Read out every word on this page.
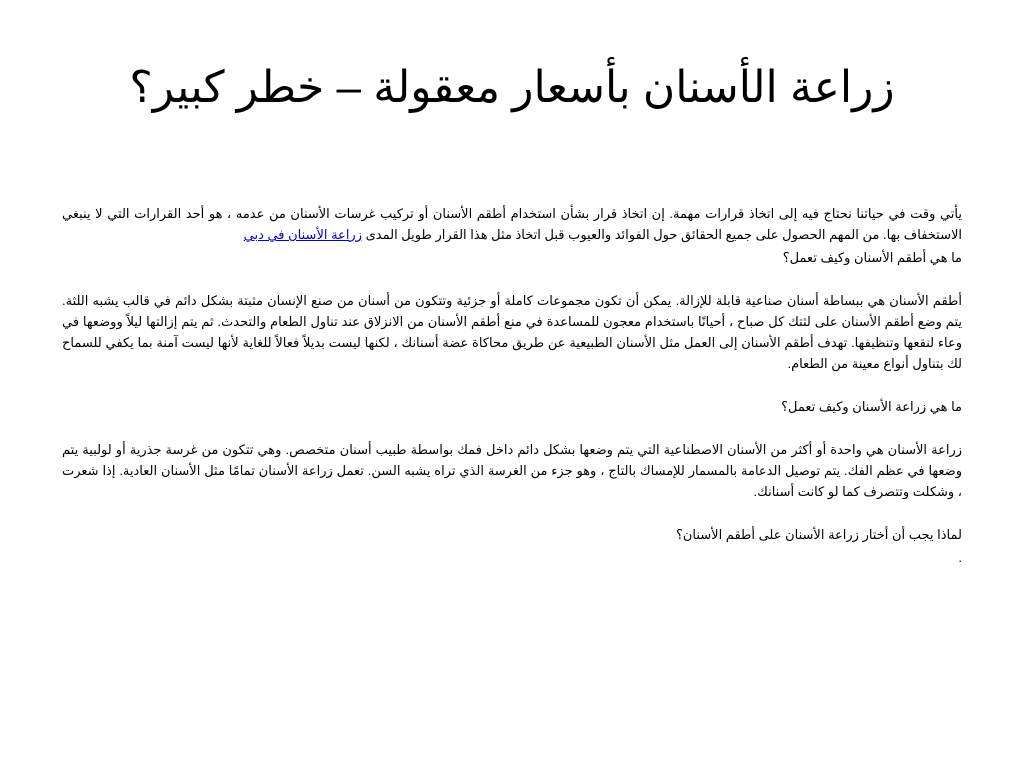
زراعة الأسنان بأسعار معقولة – خطر كبير؟

يأتي وقت في حياتنا نحتاج فيه إلى اتخاذ قرارات مهمة. إن اتخاذ قرار بشأن استخدام أطقم الأسنان أو تركيب غرسات الأسنان من عدمه ، هو أحد القرارات التي لا ينبغي الاستخفاف بها. من المهم الحصول على جميع الحقائق حول الفوائد والعيوب قبل اتخاذ مثل هذا القرار طويل المدى زراعة الأسنان في دبي

ما هي أطقم الأسنان وكيف تعمل؟

أطقم الأسنان هي ببساطة أسنان صناعية قابلة للإزالة. يمكن أن تكون مجموعات كاملة أو جزئية وتتكون من أسنان من صنع الإنسان مثبتة بشكل دائم في قالب يشبه اللثة. يتم وضع أطقم الأسنان على لثتك كل صباح ، أحيانًا باستخدام معجون للمساعدة في منع أطقم الأسنان من الانزلاق عند تناول الطعام والتحدث. ثم يتم إزالتها ليلاً ووضعها في وعاء لنقعها وتنظيفها. تهدف أطقم الأسنان إلى العمل مثل الأسنان الطبيعية عن طريق محاكاة عضة أسنانك ، لكنها ليست بديلاً فعالاً للغاية لأنها ليست آمنة بما يكفي للسماح لك بتناول أنواع معينة من الطعام.

ما هي زراعة الأسنان وكيف تعمل؟

زراعة الأسنان هي واحدة أو أكثر من الأسنان الاصطناعية التي يتم وضعها بشكل دائم داخل فمك بواسطة طبيب أسنان متخصص. وهي تتكون من غرسة جذرية أو لولبية يتم وضعها في عظم الفك. يتم توصيل الدعامة بالمسمار للإمساك بالتاج ، وهو جزء من الغرسة الذي تراه يشبه السن. تعمل زراعة الأسنان تمامًا مثل الأسنان العادية. إذا شعرت ، وشكلت وتتصرف كما لو كانت أسنانك.

لماذا يجب أن أختار زراعة الأسنان على أطقم الأسنان؟

.
